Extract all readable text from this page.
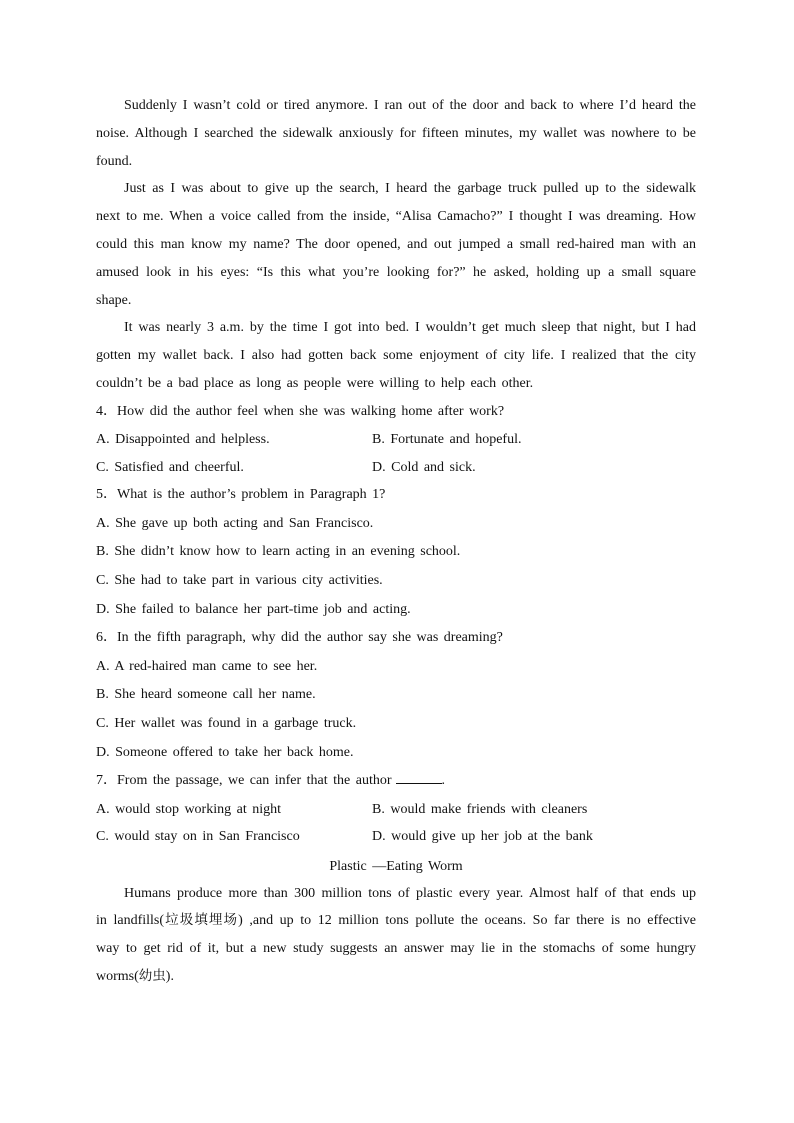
Suddenly I wasn’t cold or tired anymore. I ran out of the door and back to where I’d heard the noise. Although I searched the sidewalk anxiously for fifteen minutes, my wallet was nowhere to be found.

Just as I was about to give up the search, I heard the garbage truck pulled up to the sidewalk next to me. When a voice called from the inside, “Alisa Camacho?” I thought I was dreaming. How could this man know my name? The door opened, and out jumped a small red-haired man with an amused look in his eyes: “Is this what you’re looking for?” he asked, holding up a small square shape.

It was nearly 3 a.m. by the time I got into bed. I wouldn’t get much sleep that night, but I had gotten my wallet back. I also had gotten back some enjoyment of city life. I realized that the city couldn’t be a bad place as long as people were willing to help each other.

4．How did the author feel when she was walking home after work?

A. Disappointed and helpless.	B. Fortunate and hopeful.
C. Satisfied and cheerful.	D. Cold and sick.

5．What is the author’s problem in Paragraph 1?

A. She gave up both acting and San Francisco.

B. She didn’t know how to learn acting in an evening school.

C. She had to take part in various city activities.

D. She failed to balance her part-time job and acting.

6．In the fifth paragraph, why did the author say she was dreaming?

A. A red-haired man came to see her.

B. She heard someone call her name.

C. Her wallet was found in a garbage truck.

D. Someone offered to take her back home.

7．From the passage, we can infer that the author	.

A. would stop working at night	B. would make friends with cleaners
C. would stay on in San Francisco	D. would give up her job at the bank

Plastic —Eating Worm

Humans produce more than 300 million tons of plastic every year. Almost half of that ends up in landfills(垃圾填埋场) ,and up to 12 million tons pollute the oceans. So far there is no effective way to get rid of it, but a new study suggests an answer may lie in the stomachs of some hungry worms(幼虫).
